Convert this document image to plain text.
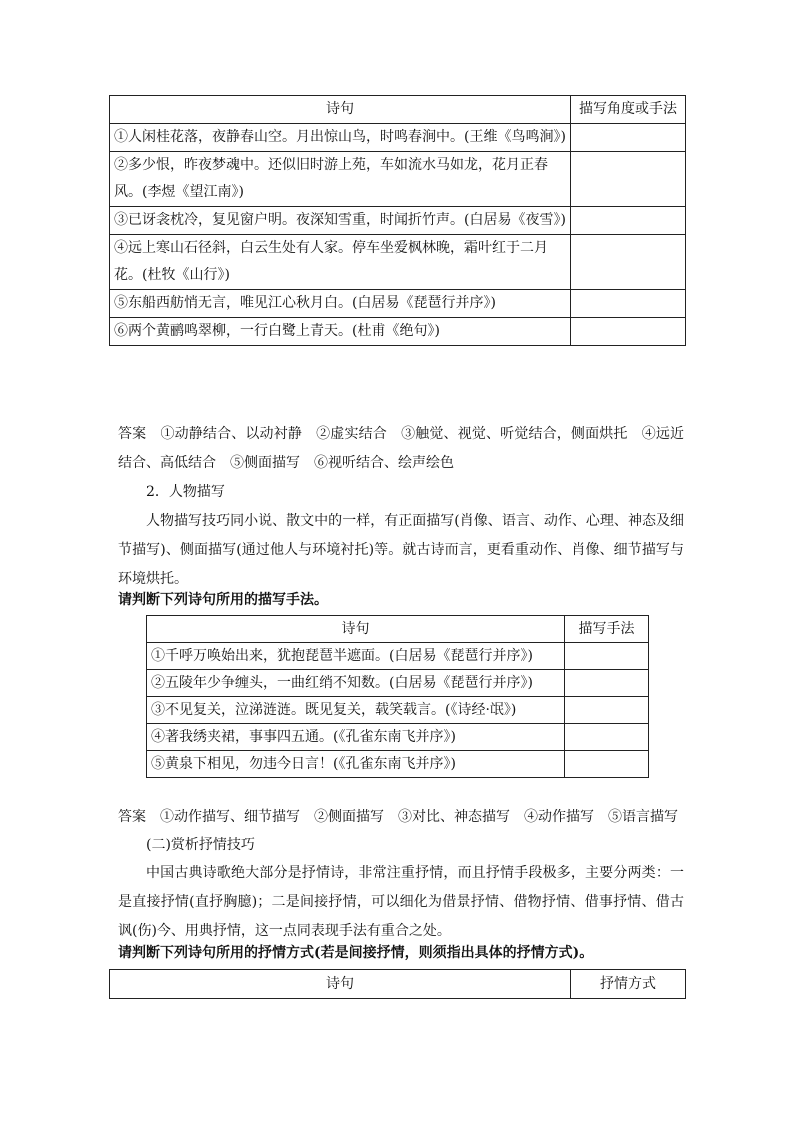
诗句	描写角度或手法
①人闲桂花落，夜静春山空。月出惊山鸟，时鸣春涧中。(王维《鸟鸣涧》)	
②多少恨，昨夜梦魂中。还似旧时游上苑，车如流水马如龙，花月正春风。(李煜《望江南》)	
③已讶衾枕冷，复见窗户明。夜深知雪重，时闻折竹声。(白居易《夜雪》)	
④远上寒山石径斜，白云生处有人家。停车坐爱枫林晚，霜叶红于二月花。(杜牧《山行》)	
⑤东船西舫悄无言，唯见江心秋月白。(白居易《琵琶行并序》)	
⑥两个黄鹂鸣翠柳，一行白鹭上青天。(杜甫《绝句》)	
答案　①动静结合、以动衬静　②虚实结合　③触觉、视觉、听觉结合，侧面烘托　④远近结合、高低结合　⑤侧面描写　⑥视听结合、绘声绘色
2．人物描写
人物描写技巧同小说、散文中的一样，有正面描写(肖像、语言、动作、心理、神态及细节描写)、侧面描写(通过他人与环境衬托)等。就古诗而言，更看重动作、肖像、细节描写与环境烘托。
请判断下列诗句所用的描写手法。
诗句	描写手法
①千呼万唤始出来，犹抱琵琶半遮面。(白居易《琵琶行并序》)	
②五陵年少争缠头，一曲红绡不知数。(白居易《琵琶行并序》)	
③不见复关，泣涕涟涟。既见复关，载笑载言。(《诗经·氓》)	
④著我绣夹裙，事事四五通。(《孔雀东南飞并序》)	
⑤黄泉下相见，勿违今日言！(《孔雀东南飞并序》)	
答案　①动作描写、细节描写　②侧面描写　③对比、神态描写　④动作描写　⑤语言描写
(二)赏析抒情技巧
中国古典诗歌绝大部分是抒情诗，非常注重抒情，而且抒情手段极多，主要分两类：一是直接抒情(直抒胸臆)；二是间接抒情，可以细化为借景抒情、借物抒情、借事抒情、借古讽(伤)今、用典抒情，这一点同表现手法有重合之处。
请判断下列诗句所用的抒情方式(若是间接抒情，则须指出具体的抒情方式)。
诗句	抒情方式
